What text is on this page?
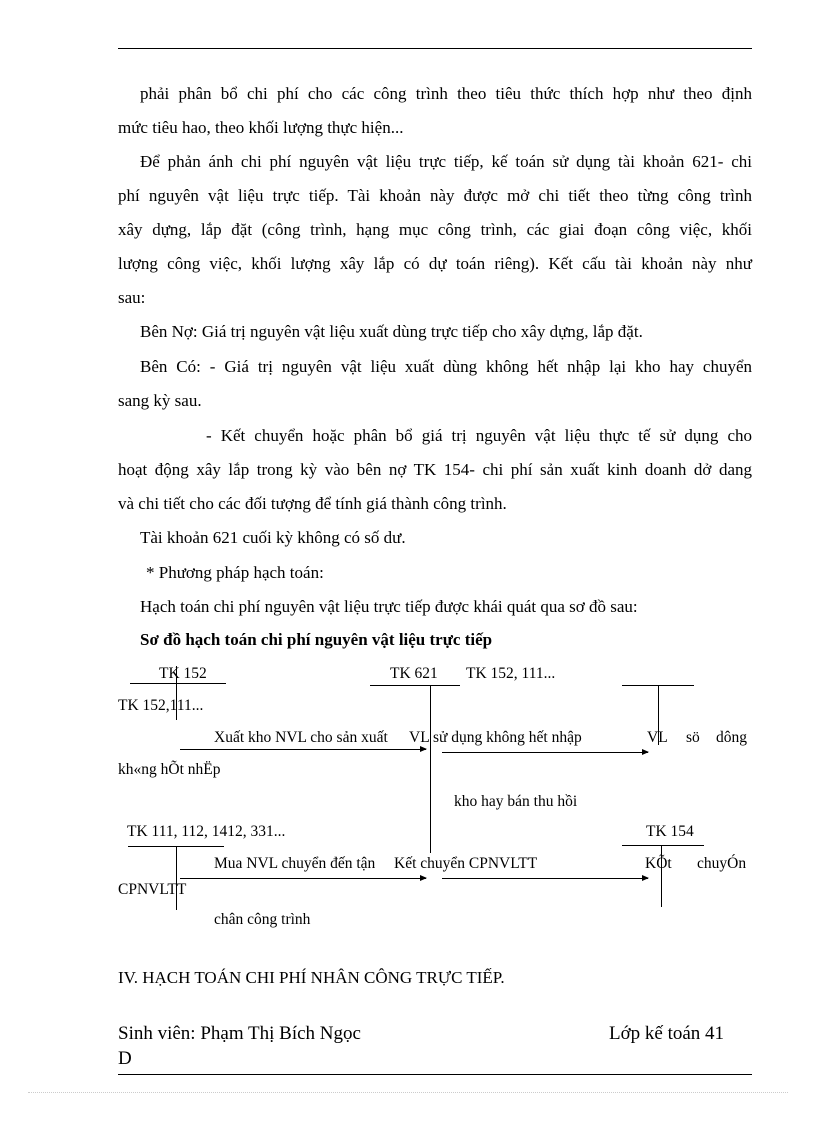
phải phân bổ chi phí cho các công trình theo tiêu thức thích hợp như theo định
mức tiêu hao, theo khối lượng thực hiện...
Để phản ánh chi phí nguyên vật liệu trực tiếp, kế toán sử dụng tài khoản 621- chi
phí nguyên vật liệu trực tiếp. Tài khoản này được mở chi tiết theo từng công trình
xây dựng, lắp đặt (công trình, hạng mục công trình, các giai đoạn công việc, khối
lượng công việc, khối lượng xây lắp có dự toán riêng). Kết cấu tài khoản này như
sau:
Bên Nợ: Giá trị nguyên vật liệu xuất dùng trực tiếp cho xây dựng, lắp đặt.
Bên Có: - Giá trị nguyên vật liệu xuất dùng không hết nhập lại kho hay chuyển
sang kỳ sau.
- Kết chuyển hoặc phân bổ giá trị nguyên vật liệu thực tế sử dụng cho
hoạt động xây lắp trong kỳ vào bên nợ TK 154- chi phí sản xuất kinh doanh dở dang
và chi tiết cho các đối tượng để tính giá thành công trình.
Tài khoản 621 cuối kỳ không có số dư.
* Phương pháp hạch toán:
Hạch toán chi phí nguyên vật liệu trực tiếp được khái quát qua sơ đồ sau:
Sơ đồ hạch toán chi phí nguyên vật liệu trực tiếp
TK 152	TK 621 TK 152, 111...
TK 152,111...
Xuất kho NVL cho sản xuất VL sử dụng không hết nhập	VL sö dông
kh«ng hÕt nhËp
kho hay bán thu hồi
TK 111, 112, 1412, 331...	TK 154
Mua NVL chuyển đến tận Kết chuyển CPNVLTT	KÕt chuyÓn
CPNVLTT
chân công trình
IV. HẠCH TOÁN CHI PHÍ NHÂN CÔNG TRỰC TIẾP.
Sinh viên: Phạm Thị Bích Ngọc	Lớp kế toán 41
D
